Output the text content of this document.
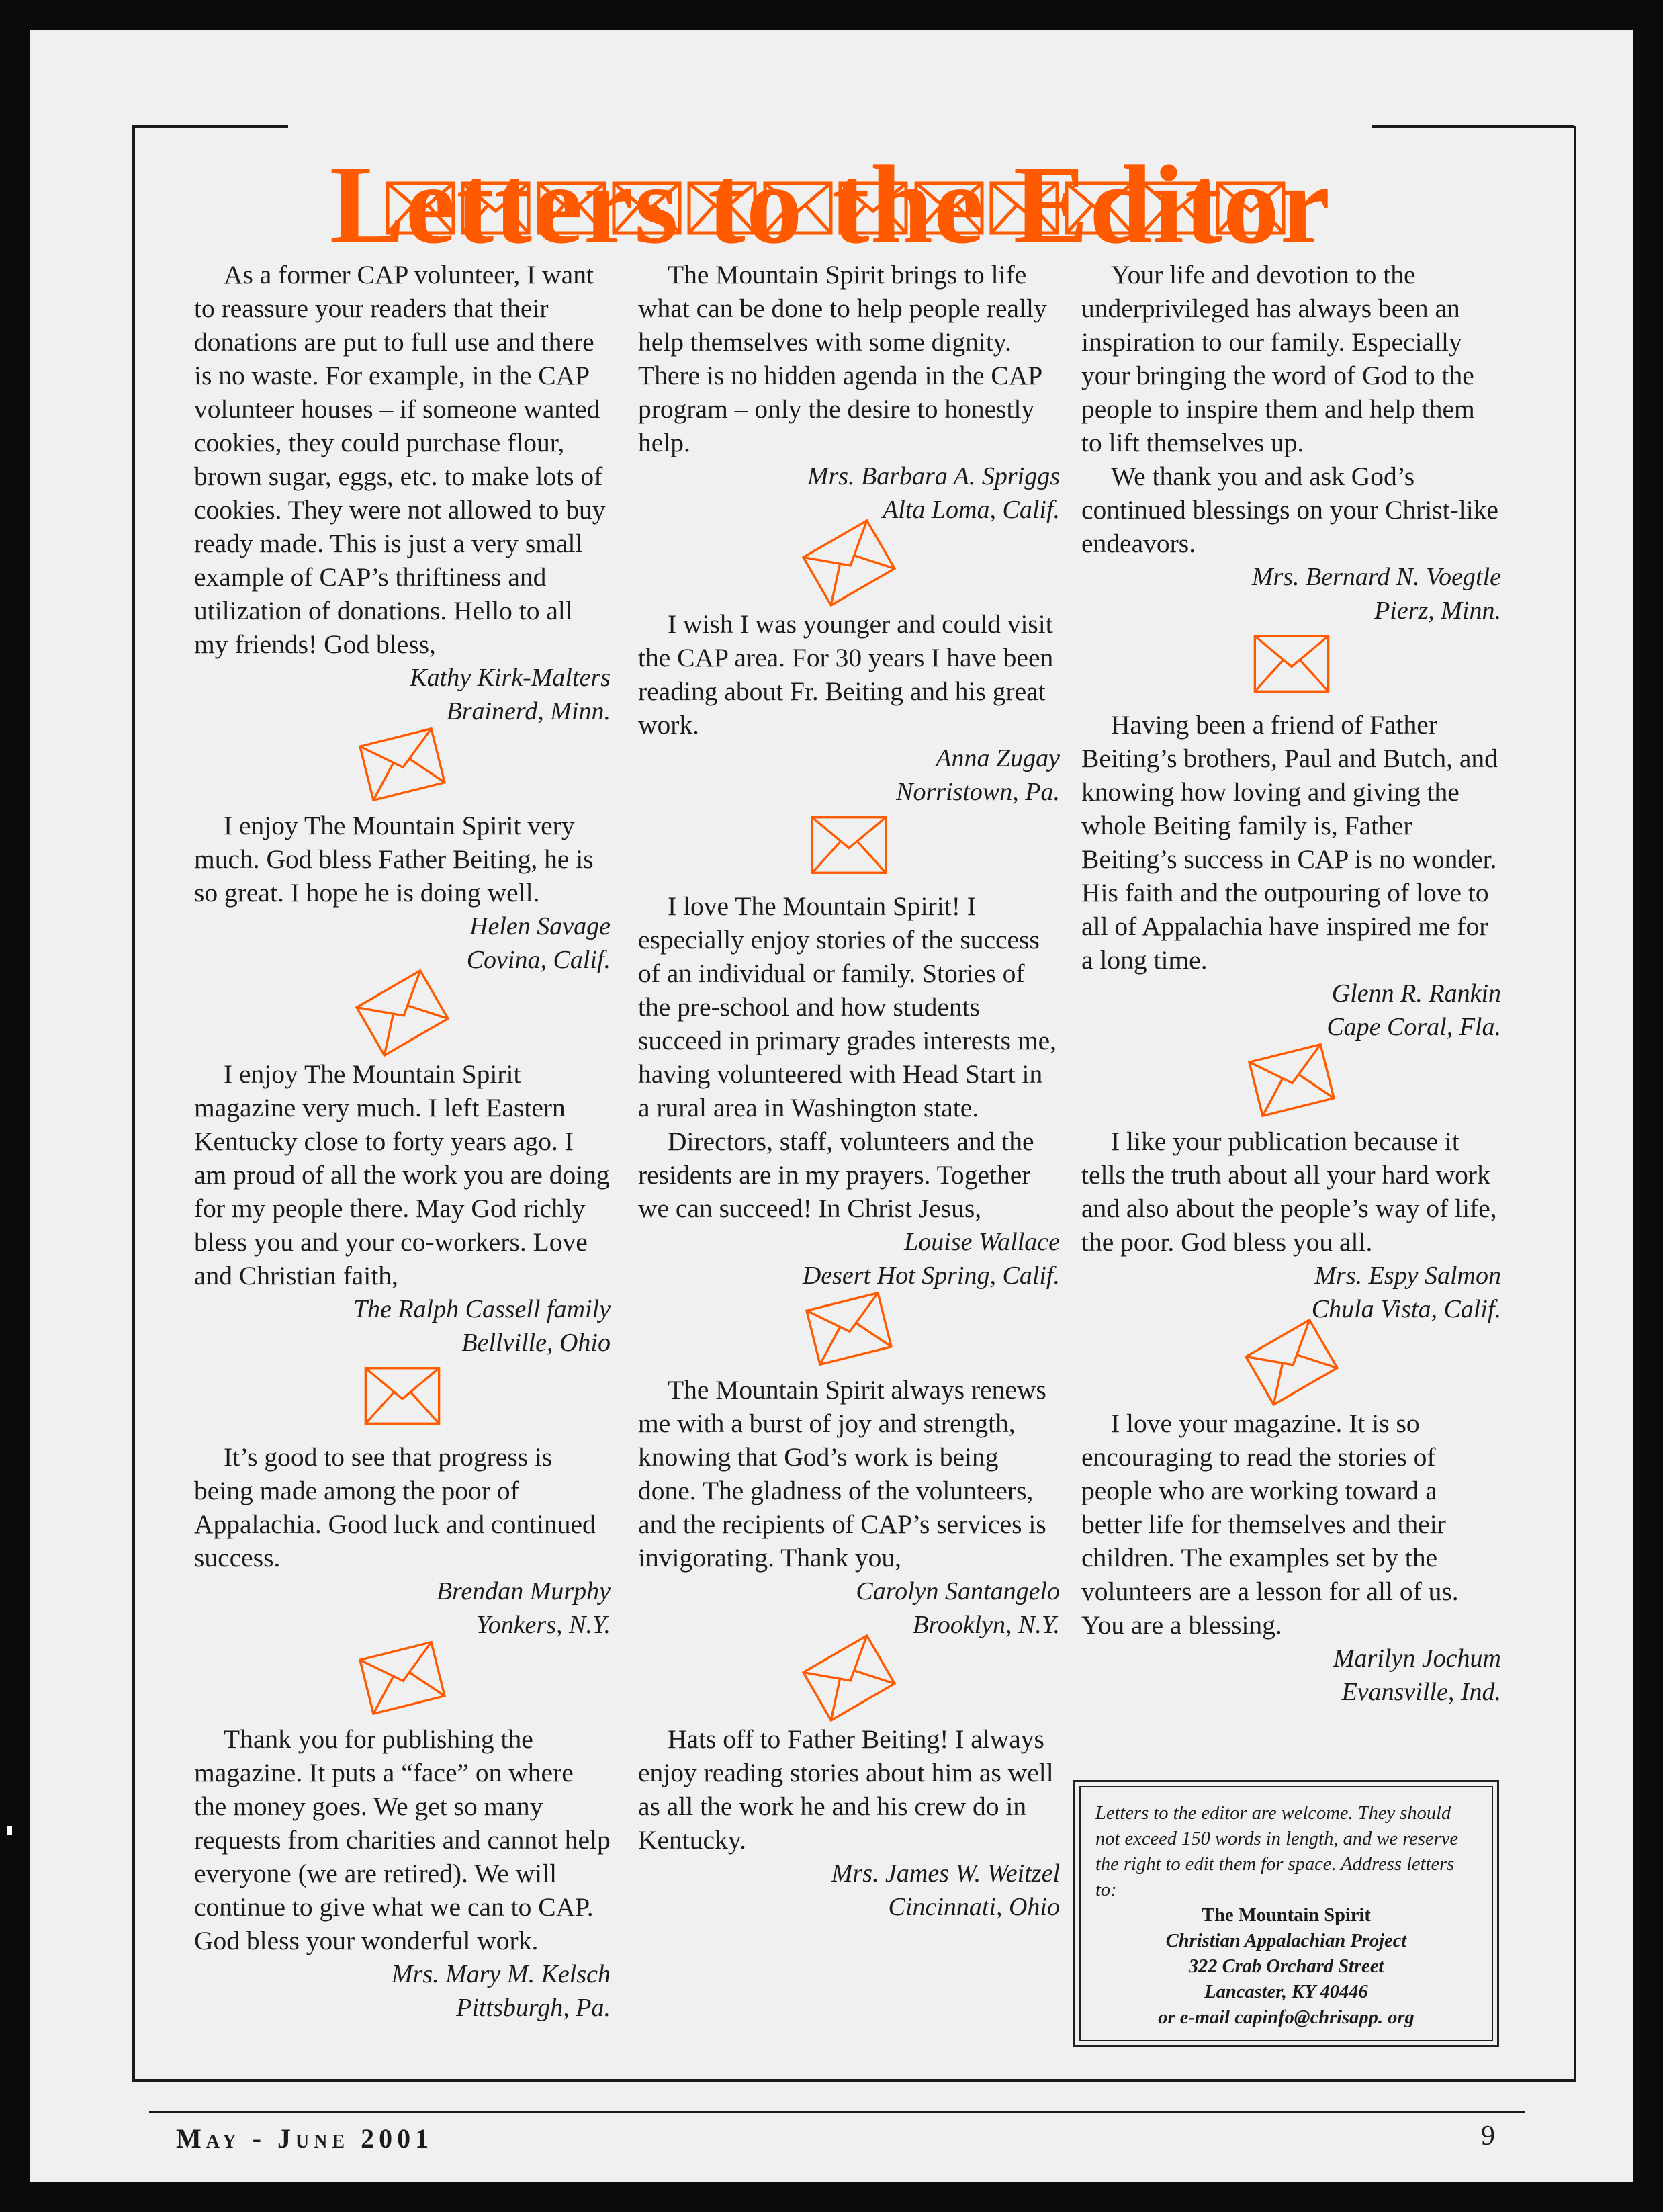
Letters to the Editor

As a former CAP volunteer, I want to reassure your readers that their donations are put to full use and there is no waste. For example, in the CAP volunteer houses – if someone wanted cookies, they could purchase flour, brown sugar, eggs, etc. to make lots of cookies. They were not allowed to buy ready made. This is just a very small example of CAP’s thriftiness and utilization of donations. Hello to all my friends! God bless,

Kathy Kirk-Malters
Brainerd, Minn.

I enjoy The Mountain Spirit very much. God bless Father Beiting, he is so great. I hope he is doing well.

Helen Savage
Covina, Calif.

I enjoy The Mountain Spirit magazine very much. I left Eastern Kentucky close to forty years ago. I am proud of all the work you are doing for my people there. May God richly bless you and your co-workers. Love and Christian faith,

The Ralph Cassell family
Bellville, Ohio

It’s good to see that progress is being made among the poor of Appalachia. Good luck and continued success.

Brendan Murphy
Yonkers, N.Y.

Thank you for publishing the magazine. It puts a “face” on where the money goes. We get so many requests from charities and cannot help everyone (we are retired). We will continue to give what we can to CAP. God bless your wonderful work.

Mrs. Mary M. Kelsch
Pittsburgh, Pa.

The Mountain Spirit brings to life what can be done to help people really help themselves with some dignity. There is no hidden agenda in the CAP program – only the desire to honestly help.

Mrs. Barbara A. Spriggs
Alta Loma, Calif.

I wish I was younger and could visit the CAP area. For 30 years I have been reading about Fr. Beiting and his great work.

Anna Zugay
Norristown, Pa.

I love The Mountain Spirit! I especially enjoy stories of the success of an individual or family. Stories of the pre-school and how students succeed in primary grades interests me, having volunteered with Head Start in a rural area in Washington state.

Directors, staff, volunteers and the residents are in my prayers. Together we can succeed! In Christ Jesus,

Louise Wallace
Desert Hot Spring, Calif.

The Mountain Spirit always renews me with a burst of joy and strength, knowing that God’s work is being done. The gladness of the volunteers, and the recipients of CAP’s services is invigorating. Thank you,

Carolyn Santangelo
Brooklyn, N.Y.

Hats off to Father Beiting! I always enjoy reading stories about him as well as all the work he and his crew do in Kentucky.

Mrs. James W. Weitzel
Cincinnati, Ohio

Your life and devotion to the underprivileged has always been an inspiration to our family. Especially your bringing the word of God to the people to inspire them and help them to lift themselves up.

We thank you and ask God’s continued blessings on your Christ-like endeavors.

Mrs. Bernard N. Voegtle
Pierz, Minn.

Having been a friend of Father Beiting’s brothers, Paul and Butch, and knowing how loving and giving the whole Beiting family is, Father Beiting’s success in CAP is no wonder. His faith and the outpouring of love to all of Appalachia have inspired me for a long time.

Glenn R. Rankin
Cape Coral, Fla.

I like your publication because it tells the truth about all your hard work and also about the people’s way of life, the poor. God bless you all.

Mrs. Espy Salmon
Chula Vista, Calif.

I love your magazine. It is so encouraging to read the stories of people who are working toward a better life for themselves and their children. The examples set by the volunteers are a lesson for all of us. You are a blessing.

Marilyn Jochum
Evansville, Ind.
Letters to the editor are welcome. They should not exceed 150 words in length, and we reserve the right to edit them for space. Address letters to:
The Mountain Spirit
Christian Appalachian Project
322 Crab Orchard Street
Lancaster, KY 40446
or e-mail capinfo@chrisapp. org
May - June 2001	9
